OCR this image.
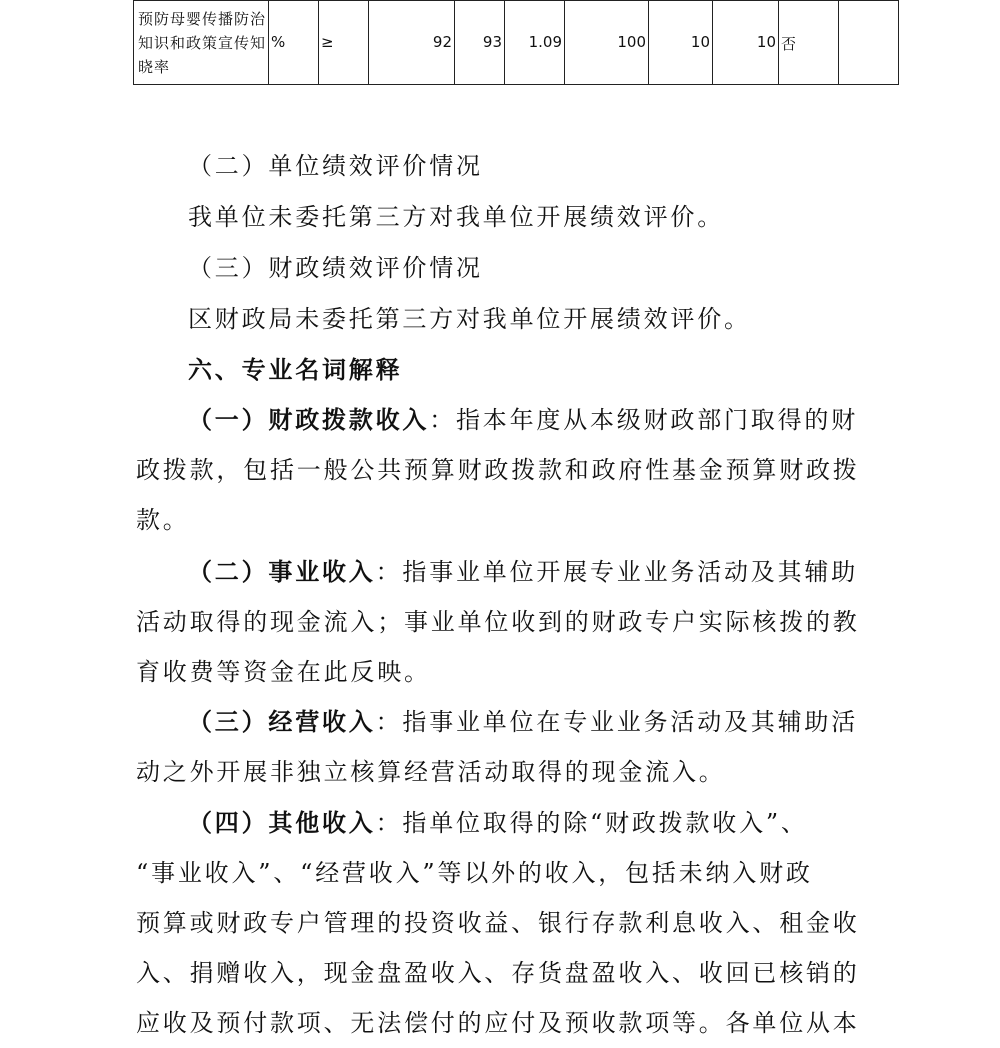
预防母婴传播防治知识和政策宣传知晓率	%	≥	92	93	1.09	100	10	10	否	
（二）单位绩效评价情况
我单位未委托第三方对我单位开展绩效评价。
（三）财政绩效评价情况
区财政局未委托第三方对我单位开展绩效评价。
六、专业名词解释
（一）财政拨款收入：指本年度从本级财政部门取得的财
政拨款，包括一般公共预算财政拨款和政府性基金预算财政拨
款。
（二）事业收入：指事业单位开展专业业务活动及其辅助
活动取得的现金流入；事业单位收到的财政专户实际核拨的教
育收费等资金在此反映。
（三）经营收入：指事业单位在专业业务活动及其辅助活
动之外开展非独立核算经营活动取得的现金流入。
（四）其他收入：指单位取得的除“财政拨款收入”、
“事业收入”、“经营收入”等以外的收入，包括未纳入财政
预算或财政专户管理的投资收益、银行存款利息收入、租金收
入、捐赠收入，现金盘盈收入、存货盘盈收入、收回已核销的
应收及预付款项、无法偿付的应付及预收款项等。各单位从本
